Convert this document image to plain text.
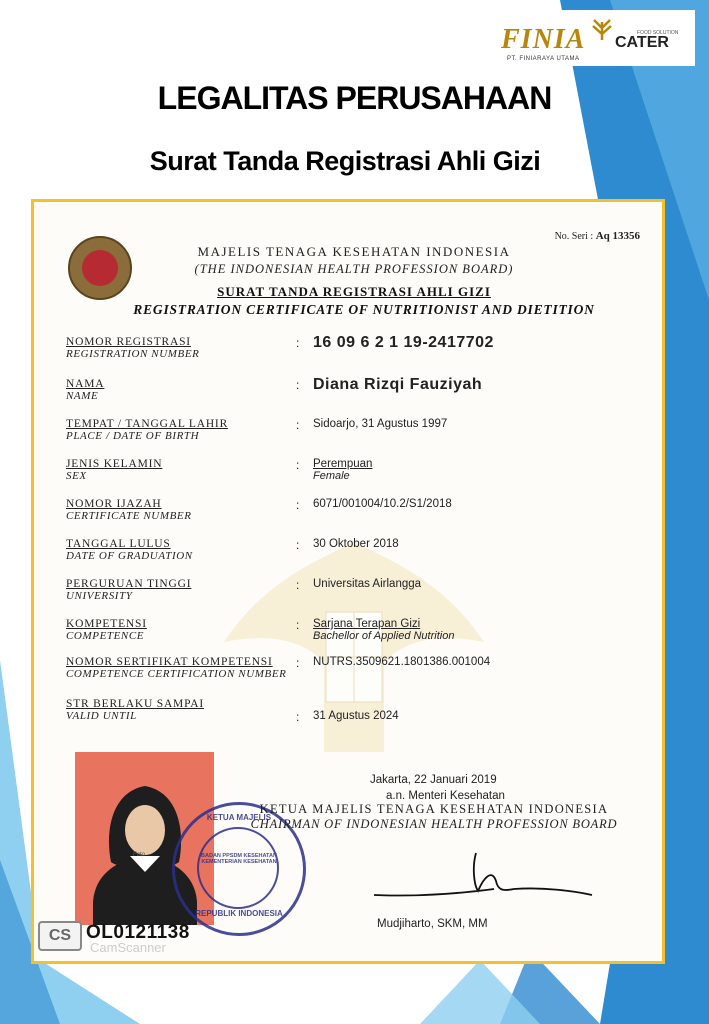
FINIA CATER
FOOD SOLUTION
PT. FINIARAYA UTAMA
LEGALITAS PERUSAHAAN
Surat Tanda Registrasi Ahli Gizi
No. Seri : Aq 13356
MAJELIS TENAGA KESEHATAN INDONESIA
(THE INDONESIAN HEALTH PROFESSION BOARD)
SURAT TANDA REGISTRASI AHLI GIZI
REGISTRATION CERTIFICATE OF NUTRITIONIST AND DIETITION
NOMOR REGISTRASI
REGISTRATION NUMBER
: 16 09 6 2 1 19-2417702
NAMA
NAME
: Diana Rizqi Fauziyah
TEMPAT / TANGGAL LAHIR
PLACE / DATE OF BIRTH
: Sidoarjo, 31 Agustus 1997
JENIS KELAMIN
SEX
: Perempuan
Female
NOMOR IJAZAH
CERTIFICATE NUMBER
: 6071/001004/10.2/S1/2018
TANGGAL LULUS
DATE OF GRADUATION
: 30 Oktober 2018
PERGURUAN TINGGI
UNIVERSITY
: Universitas Airlangga
KOMPETENSI
COMPETENCE
: Sarjana Terapan Gizi
Bachellor of Applied Nutrition
NOMOR SERTIFIKAT KOMPETENSI
COMPETENCE CERTIFICATION NUMBER
: NUTRS.3509621.1801386.001004
STR BERLAKU SAMPAI
VALID UNTIL	: 31 Agustus 2024
Foto
KETUA MAJELIS
BADAN PPSDM KESEHATAN KEMENTERIAN KESEHATAN
REPUBLIK INDONESIA
Jakarta, 22 Januari 2019
a.n. Menteri Kesehatan
KETUA MAJELIS TENAGA KESEHATAN INDONESIA
CHAIRMAN OF INDONESIAN HEALTH PROFESSION BOARD
Mudjiharto, SKM, MM
CS
CamScanner
OL0121138
